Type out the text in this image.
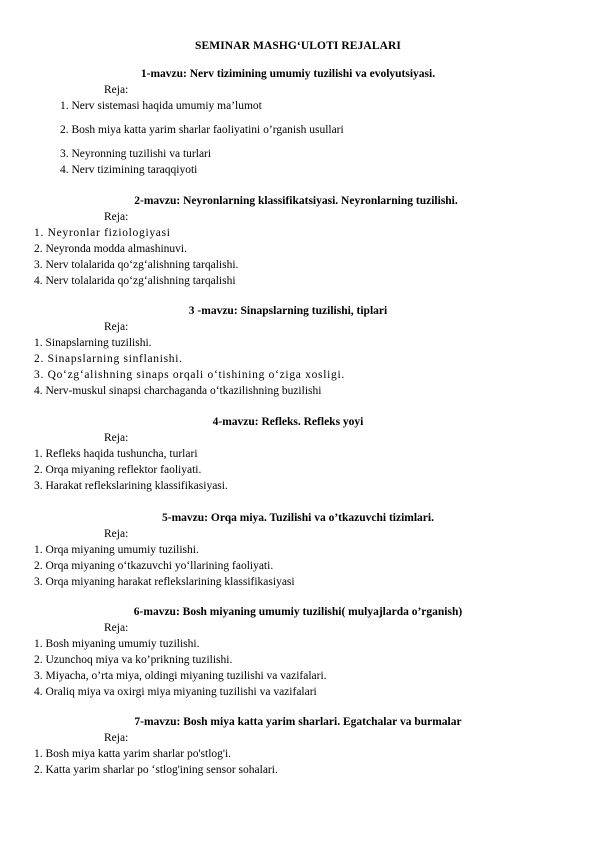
SEMINAR MASHG‘ULOTI REJALARI
1-mavzu: Nerv tizimining umumiy tuzilishi va evolyutsiyasi.
Reja:
1. Nerv sistemasi haqida umumiy ma’lumot
2. Bosh miya katta yarim sharlar faoliyatini o’rganish usullari
3. Neyronning tuzilishi va turlari
4. Nerv tizimining taraqqiyoti
2-mavzu: Neyronlarning klassifikatsiyasi. Neyronlarning tuzilishi.
Reja:
1. Neyronlar fiziologiyasi
2. Neyronda modda almashinuvi.
3. Nerv tolalarida qo‘zg‘alishning tarqalishi.
4. Nerv tolalarida qo‘zg‘alishning tarqalishi
3 -mavzu: Sinapslarning tuzilishi, tiplari
Reja:
1. Sinapslarning tuzilishi.
2. Sinapslarning sinflanishi.
3. Qo‘zg‘alishning sinaps orqali o‘tishining o‘ziga xosligi.
4. Nerv-muskul sinapsi charchaganda o‘tkazilishning buzilishi
4-mavzu: Refleks. Refleks yoyi
Reja:
1. Refleks haqida tushuncha, turlari
2. Orqa miyaning reflektor faoliyati.
3. Harakat reflekslarining klassifikasiyasi.
5-mavzu: Orqa miya. Tuzilishi va o’tkazuvchi tizimlari.
Reja:
1. Orqa miyaning umumiy tuzilishi.
2. Orqa miyaning o‘tkazuvchi yo‘llarining faoliyati.
3. Orqa miyaning harakat reflekslarining klassifikasiyasi
6-mavzu: Bosh miyaning umumiy tuzilishi( mulyajlarda o’rganish)
Reja:
1. Bosh miyaning umumiy tuzilishi.
2. Uzunchoq miya va ko’prikning tuzilishi.
3. Miyacha, o’rta miya, oldingi miyaning tuzilishi va vazifalari.
4. Oraliq miya va oxirgi miya miyaning tuzilishi va vazifalari
7-mavzu: Bosh miya katta yarim sharlari. Egatchalar va burmalar
Reja:
1. Bosh miya katta yarim sharlar po'stlog'i.
2. Katta yarim sharlar po ‘stlog'ining sensor sohalari.
